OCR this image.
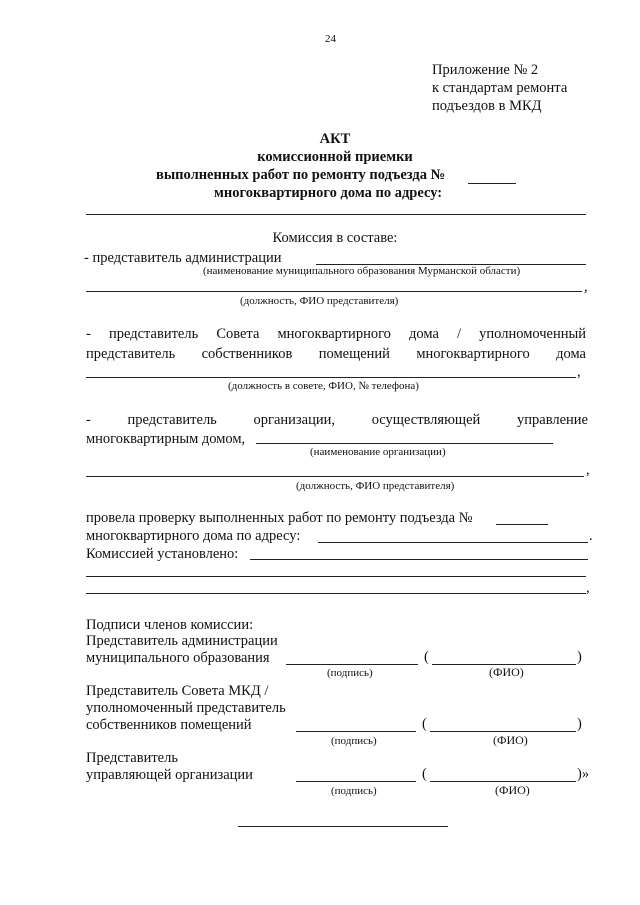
24
Приложение № 2
к стандартам ремонта
подъездов в МКД
АКТ
комиссионной приемки
выполненных работ по ремонту подъезда №
многоквартирного дома по адресу:
Комиссия в составе:
- представитель администрации
(наименование муниципального образования Мурманской области)
,
(должность, ФИО представителя)
- представитель Совета многоквартирного дома / уполномоченный
представитель собственников помещений многоквартирного дома
,
(должность в совете, ФИО, № телефона)
-	представитель	организации,	осуществляющей	управление
многоквартирным домом,
(наименование организации)
,
(должность, ФИО представителя)
провела проверку выполненных работ по ремонту подъезда №
многоквартирного дома по адресу:	.
Комиссией установлено:
,
Подписи членов комиссии:
Представитель администрации
муниципального образования	(	)
(подпись)	(ФИО)
Представитель Совета МКД /
уполномоченный представитель
собственников помещений	(	)
(подпись)	(ФИО)
Представитель
управляющей организации	(	)»
(подпись)	(ФИО)
